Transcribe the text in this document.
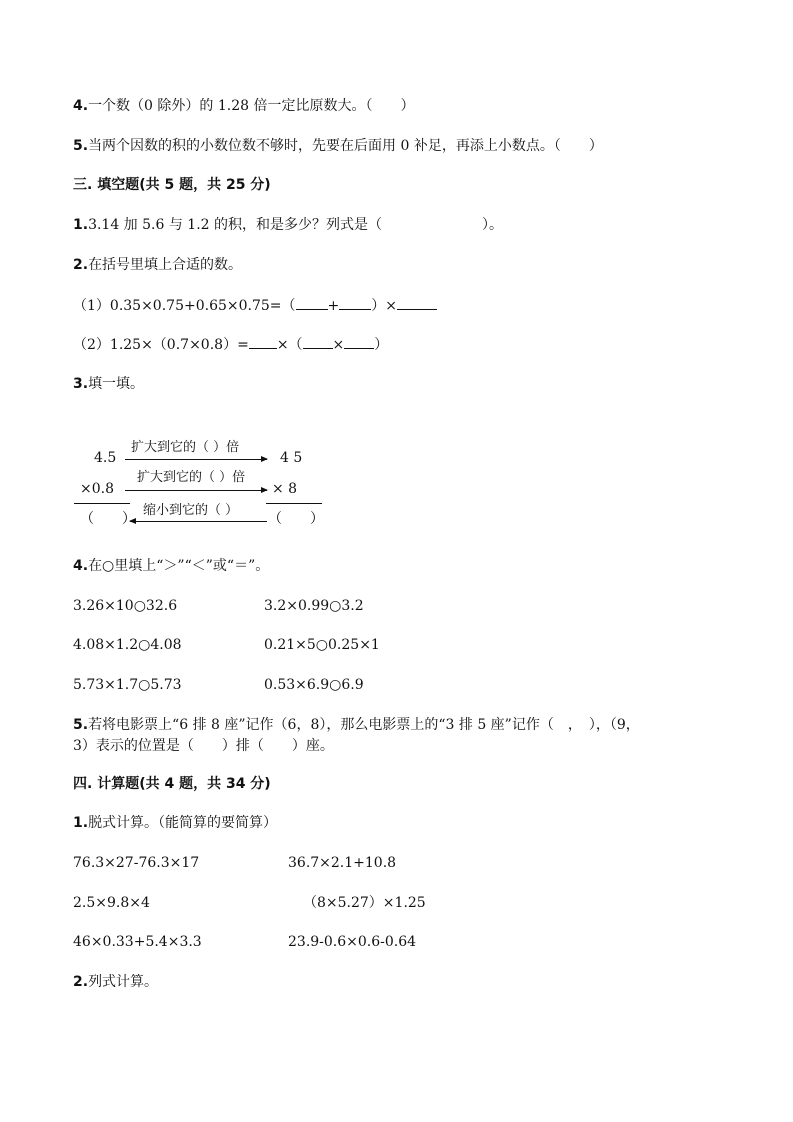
4.一个数（0 除外）的 1.28 倍一定比原数大。（　　）
5.当两个因数的积的小数位数不够时，先要在后面用 0 补足，再添上小数点。（　　）
三. 填空题(共 5 题，共 25 分)
1.3.14 加 5.6 与 1.2 的积，和是多少？列式是（	）。
2.在括号里填上合适的数。
（1）0.35×0.75+0.65×0.75=（ + ）×
（2）1.25×（0.7×0.8）= ×（ × ）
3.填一填。
4.5
×0.8
（　　）
4 5
× 8
（　　）
扩大到它的（ ）倍
扩大到它的（ ）倍
缩小到它的（ ）
4.在○里填上“＞”“＜”或“＝”。
3.26×10○32.6	3.2×0.99○3.2
4.08×1.2○4.08	0.21×5○0.25×1
5.73×1.7○5.73	0.53×6.9○6.9
5.若将电影票上“6 排 8 座”记作（6，8），那么电影票上的“3 排 5 座”记作（　，　），（9，
3）表示的位置是（　　）排（　　）座。
四. 计算题(共 4 题，共 34 分)
1.脱式计算。（能简算的要简算）
76.3×27-76.3×17	36.7×2.1+10.8
2.5×9.8×4	（8×5.27）×1.25
46×0.33+5.4×3.3	23.9-0.6×0.6-0.64
2.列式计算。
